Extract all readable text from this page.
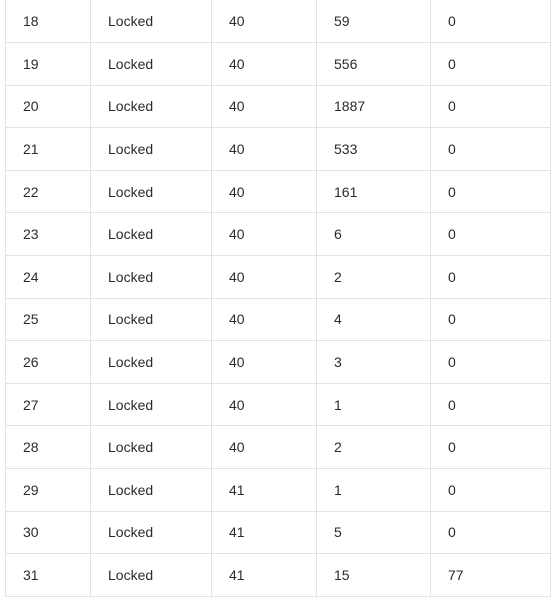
18	Locked	40	59	0
19	Locked	40	556	0
20	Locked	40	1887	0
21	Locked	40	533	0
22	Locked	40	161	0
23	Locked	40	6	0
24	Locked	40	2	0
25	Locked	40	4	0
26	Locked	40	3	0
27	Locked	40	1	0
28	Locked	40	2	0
29	Locked	41	1	0
30	Locked	41	5	0
31	Locked	41	15	77
